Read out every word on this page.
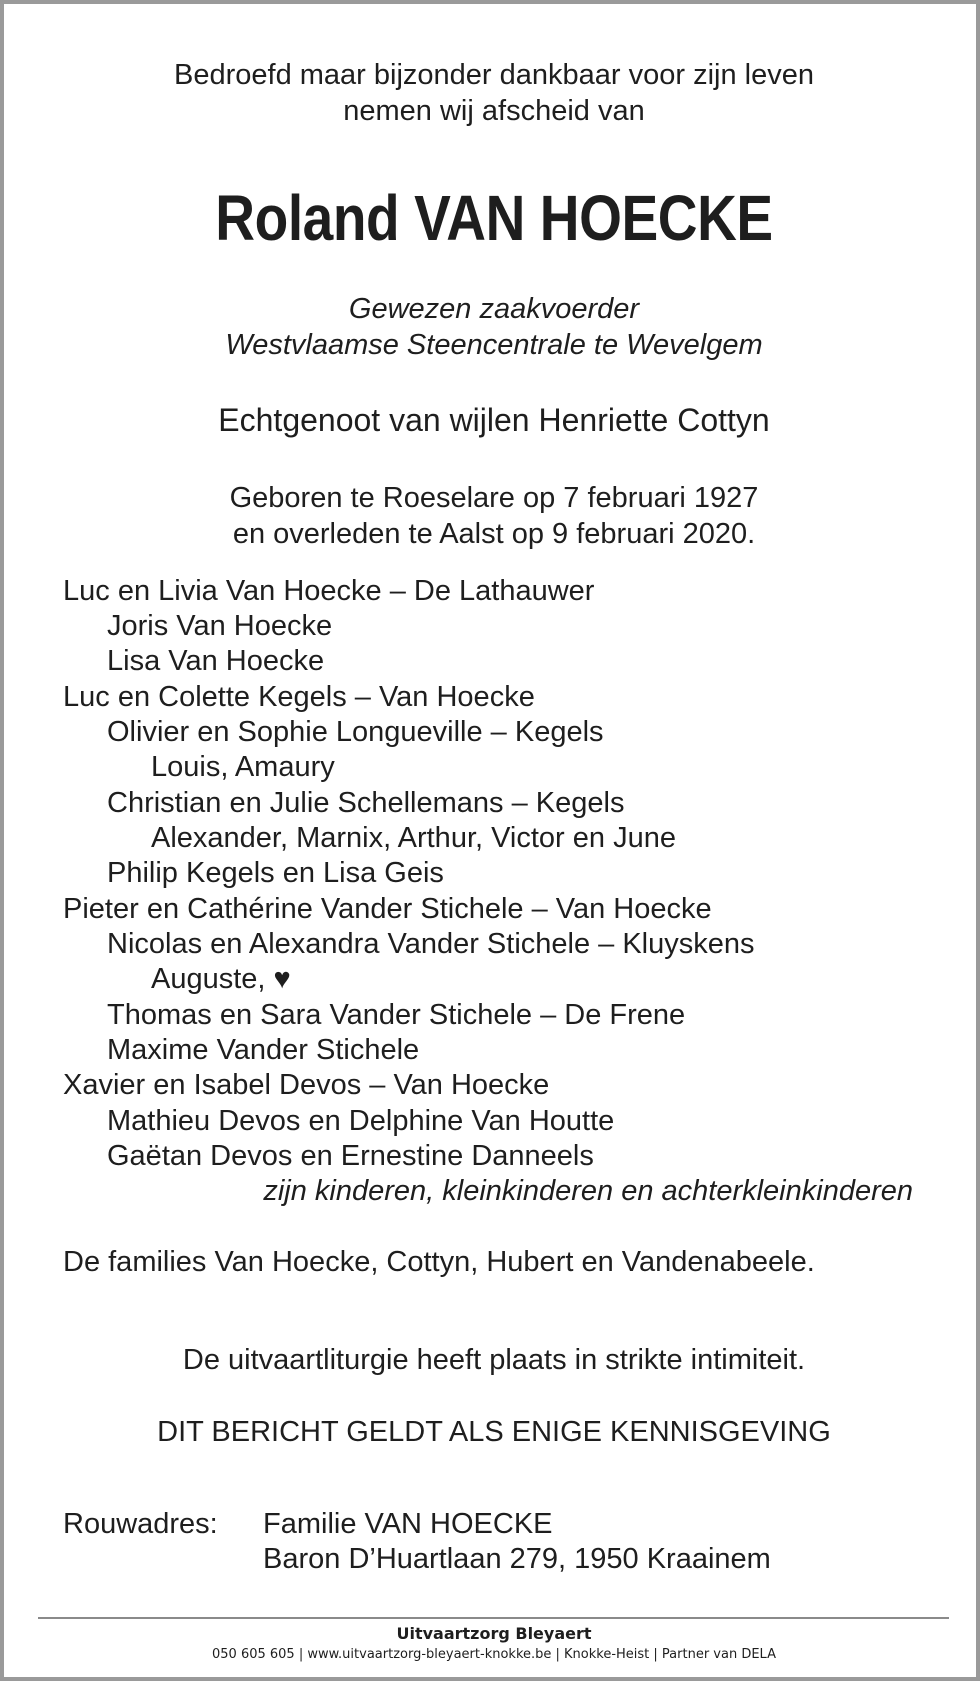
Bedroefd maar bijzonder dankbaar voor zijn leven
nemen wij afscheid van

Roland VAN HOECKE

Gewezen zaakvoerder
Westvlaamse Steencentrale te Wevelgem

Echtgenoot van wijlen Henriette Cottyn

Geboren te Roeselare op 7 februari 1927
en overleden te Aalst op 9 februari 2020.

Luc en Livia Van Hoecke – De Lathauwer
Joris Van Hoecke
Lisa Van Hoecke
Luc en Colette Kegels – Van Hoecke
Olivier en Sophie Longueville – Kegels
Louis, Amaury
Christian en Julie Schellemans – Kegels
Alexander, Marnix, Arthur, Victor en June
Philip Kegels en Lisa Geis
Pieter en Cathérine Vander Stichele – Van Hoecke
Nicolas en Alexandra Vander Stichele – Kluyskens
Auguste, ♥
Thomas en Sara Vander Stichele – De Frene
Maxime Vander Stichele
Xavier en Isabel Devos – Van Hoecke
Mathieu Devos en Delphine Van Houtte
Gaëtan Devos en Ernestine Danneels

zijn kinderen, kleinkinderen en achterkleinkinderen

De families Van Hoecke, Cottyn, Hubert en Vandenabeele.

De uitvaartliturgie heeft plaats in strikte intimiteit.

DIT BERICHT GELDT ALS ENIGE KENNISGEVING

Rouwadres: Familie VAN HOECKE

Baron D’Huartlaan 279, 1950 Kraainem

Uitvaartzorg Bleyaert

050 605 605 | www.uitvaartzorg-bleyaert-knokke.be | Knokke-Heist | Partner van DELA
